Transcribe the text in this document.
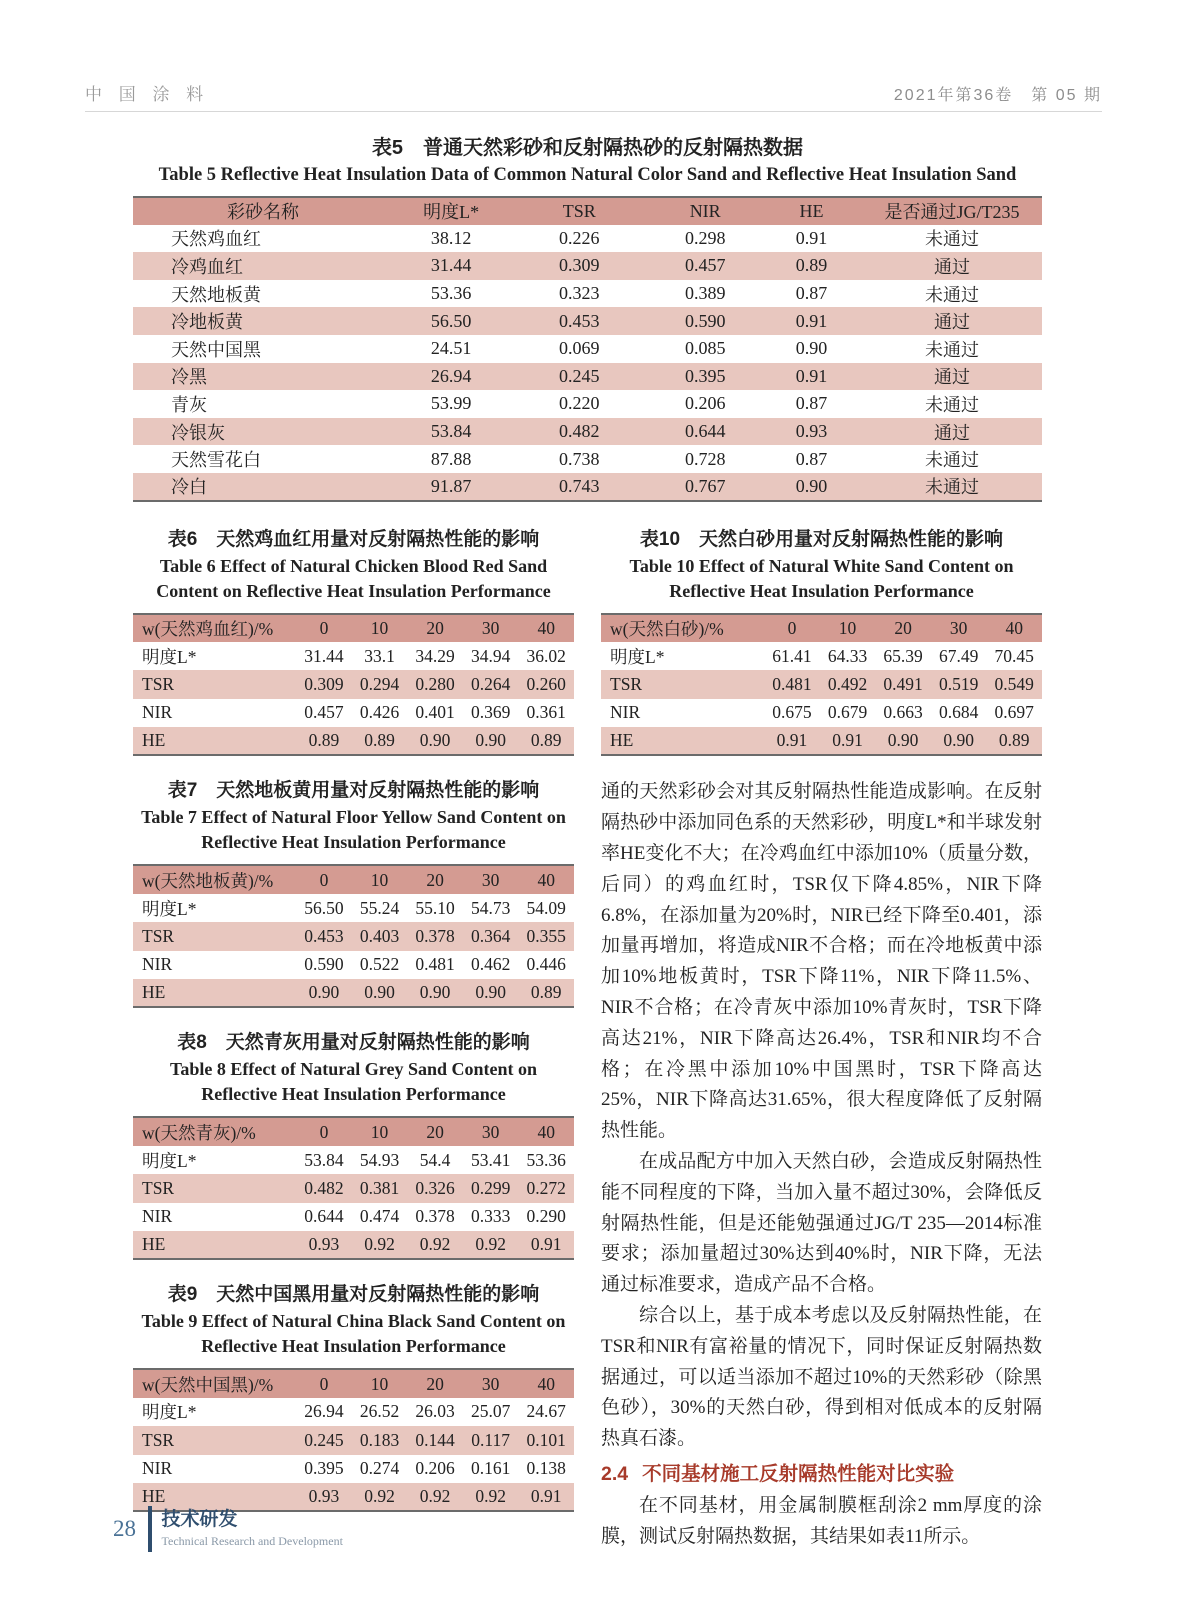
中 国 涂 料	2021年第36卷　第 05 期
表5　普通天然彩砂和反射隔热砂的反射隔热数据
Table 5 Reflective Heat Insulation Data of Common Natural Color Sand and Reflective Heat Insulation Sand
彩砂名称	明度L*	TSR	NIR	HE	是否通过JG/T235
天然鸡血红	38.12	0.226	0.298	0.91	未通过
冷鸡血红	31.44	0.309	0.457	0.89	通过
天然地板黄	53.36	0.323	0.389	0.87	未通过
冷地板黄	56.50	0.453	0.590	0.91	通过
天然中国黑	24.51	0.069	0.085	0.90	未通过
冷黑	26.94	0.245	0.395	0.91	通过
青灰	53.99	0.220	0.206	0.87	未通过
冷银灰	53.84	0.482	0.644	0.93	通过
天然雪花白	87.88	0.738	0.728	0.87	未通过
冷白	91.87	0.743	0.767	0.90	未通过
表6　天然鸡血红用量对反射隔热性能的影响
Table 6 Effect of Natural Chicken Blood Red Sand
Content on Reflective Heat Insulation Performance
w(天然鸡血红)/%	0	10	20	30	40
明度L*	31.44	33.1	34.29	34.94	36.02
TSR	0.309	0.294	0.280	0.264	0.260
NIR	0.457	0.426	0.401	0.369	0.361
HE	0.89	0.89	0.90	0.90	0.89
表7　天然地板黄用量对反射隔热性能的影响
Table 7 Effect of Natural Floor Yellow Sand Content on
Reflective Heat Insulation Performance
w(天然地板黄)/%	0	10	20	30	40
明度L*	56.50	55.24	55.10	54.73	54.09
TSR	0.453	0.403	0.378	0.364	0.355
NIR	0.590	0.522	0.481	0.462	0.446
HE	0.90	0.90	0.90	0.90	0.89
表8　天然青灰用量对反射隔热性能的影响
Table 8 Effect of Natural Grey Sand Content on
Reflective Heat Insulation Performance
w(天然青灰)/%	0	10	20	30	40
明度L*	53.84	54.93	54.4	53.41	53.36
TSR	0.482	0.381	0.326	0.299	0.272
NIR	0.644	0.474	0.378	0.333	0.290
HE	0.93	0.92	0.92	0.92	0.91
表9　天然中国黑用量对反射隔热性能的影响
Table 9 Effect of Natural China Black Sand Content on
Reflective Heat Insulation Performance
w(天然中国黑)/%	0	10	20	30	40
明度L*	26.94	26.52	26.03	25.07	24.67
TSR	0.245	0.183	0.144	0.117	0.101
NIR	0.395	0.274	0.206	0.161	0.138
HE	0.93	0.92	0.92	0.92	0.91
表10　天然白砂用量对反射隔热性能的影响
Table 10 Effect of Natural White Sand Content on
Reflective Heat Insulation Performance
w(天然白砂)/%	0	10	20	30	40
明度L*	61.41	64.33	65.39	67.49	70.45
TSR	0.481	0.492	0.491	0.519	0.549
NIR	0.675	0.679	0.663	0.684	0.697
HE	0.91	0.91	0.90	0.90	0.89

通的天然彩砂会对其反射隔热性能造成影响。在反射隔热砂中添加同色系的天然彩砂，明度L*和半球发射率HE变化不大；在冷鸡血红中添加10%（质量分数，后同）的鸡血红时，TSR仅下降4.85%，NIR下降6.8%，在添加量为20%时，NIR已经下降至0.401，添加量再增加，将造成NIR不合格；而在冷地板黄中添加10%地板黄时，TSR下降11%，NIR下降11.5%、NIR不合格；在冷青灰中添加10%青灰时，TSR下降高达21%，NIR下降高达26.4%，TSR和NIR均不合格；在冷黑中添加10%中国黑时，TSR下降高达25%，NIR下降高达31.65%，很大程度降低了反射隔热性能。

在成品配方中加入天然白砂，会造成反射隔热性能不同程度的下降，当加入量不超过30%，会降低反射隔热性能，但是还能勉强通过JG/T 235—2014标准要求；添加量超过30%达到40%时，NIR下降，无法通过标准要求，造成产品不合格。

综合以上，基于成本考虑以及反射隔热性能，在TSR和NIR有富裕量的情况下，同时保证反射隔热数据通过，可以适当添加不超过10%的天然彩砂（除黑色砂），30%的天然白砂，得到相对低成本的反射隔热真石漆。

2.4 不同基材施工反射隔热性能对比实验

在不同基材，用金属制膜框刮涂2 mm厚度的涂膜，测试反射隔热数据，其结果如表11所示。

28 技术研发
Technical Research and Development
